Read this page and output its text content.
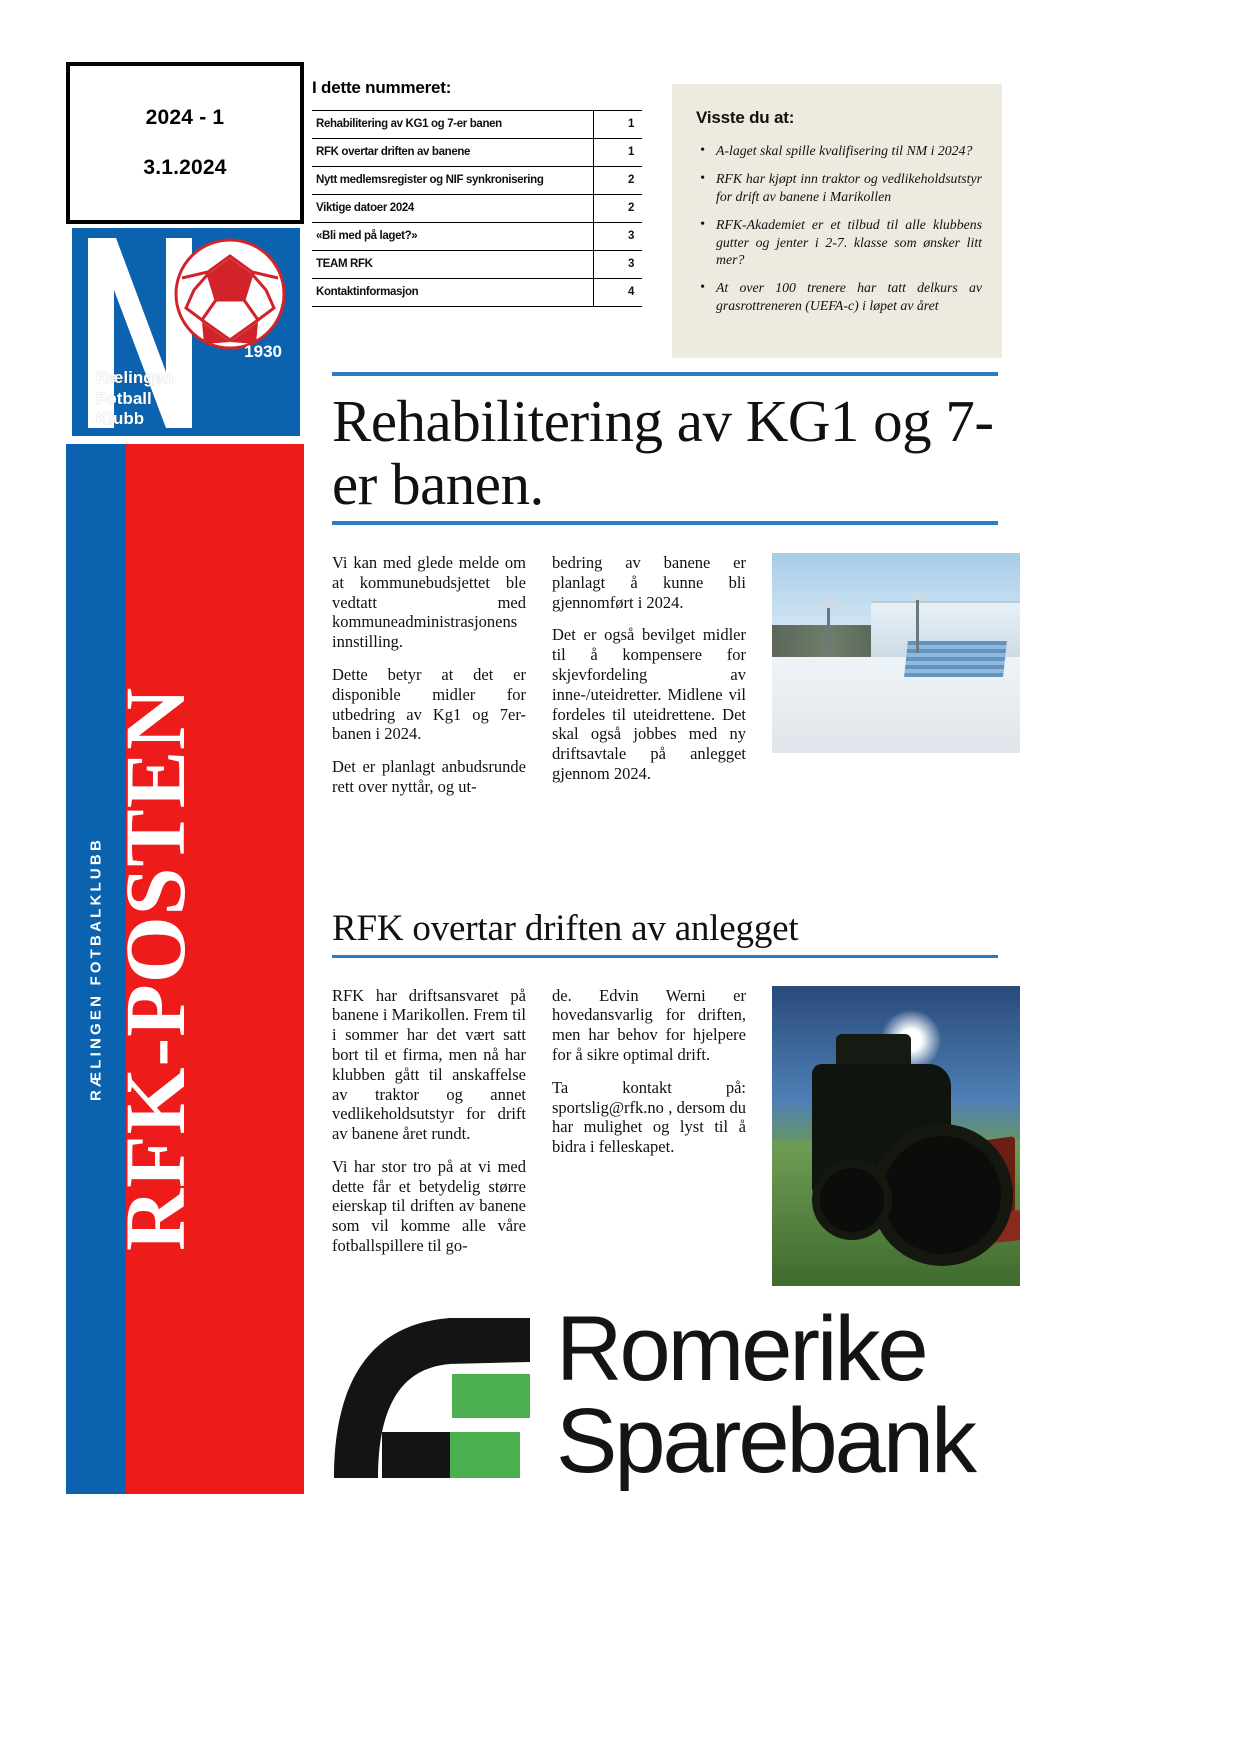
2024 - 1
3.1.2024
1930
Rælingen
Fotball
Klubb
RÆLINGEN FOTBALKLUBB RFK-POSTEN
I dette nummeret:
Rehabilitering av KG1 og 7-er banen	1
RFK overtar driften av banene	1
Nytt medlemsregister og NIF synkronisering	2
Viktige datoer 2024	2
«Bli med på laget?»	3
TEAM RFK	3
Kontaktinformasjon	4
Visste du at:
• A-laget skal spille kvalifisering til NM i 2024?
• RFK har kjøpt inn traktor og vedlikeholdsutstyr for drift av banene i Marikollen
• RFK-Akademiet er et tilbud til alle klubbens gutter og jenter i 2-7. klasse som ønsker litt mer?
• At over 100 trenere har tatt delkurs av grasrottreneren (UEFA-c) i løpet av året
Rehabilitering av KG1 og 7-er banen.

Vi kan med glede melde om at kommunebudsjettet ble vedtatt med kommuneadministrasjonens innstilling.

Dette betyr at det er disponible midler for utbedring av Kg1 og 7er-banen i 2024.

Det er planlagt anbudsrunde rett over nyttår, og ut-

bedring av banene er planlagt å kunne bli gjennomført i 2024.

Det er også bevilget midler til å kompensere for skjevfordeling av inne-/uteidretter. Midlene vil fordeles til uteidrettene. Det skal også jobbes med ny driftsavtale på anlegget gjennom 2024.

RFK overtar driften av anlegget

RFK har driftsansvaret på banene i Marikollen. Frem til i sommer har det vært satt bort til et firma, men nå har klubben gått til anskaffelse av traktor og annet vedlikeholdsutstyr for drift av banene året rundt.

Vi har stor tro på at vi med dette får et betydelig større eierskap til driften av banene som vil komme alle våre fotballspillere til go-

de. Edvin Werni er hovedansvarlig for driften, men har behov for hjelpere for å sikre optimal drift.

Ta kontakt på: sportslig@rfk.no , dersom du har mulighet og lyst til å bidra i felleskapet.

Romerike
Sparebank
